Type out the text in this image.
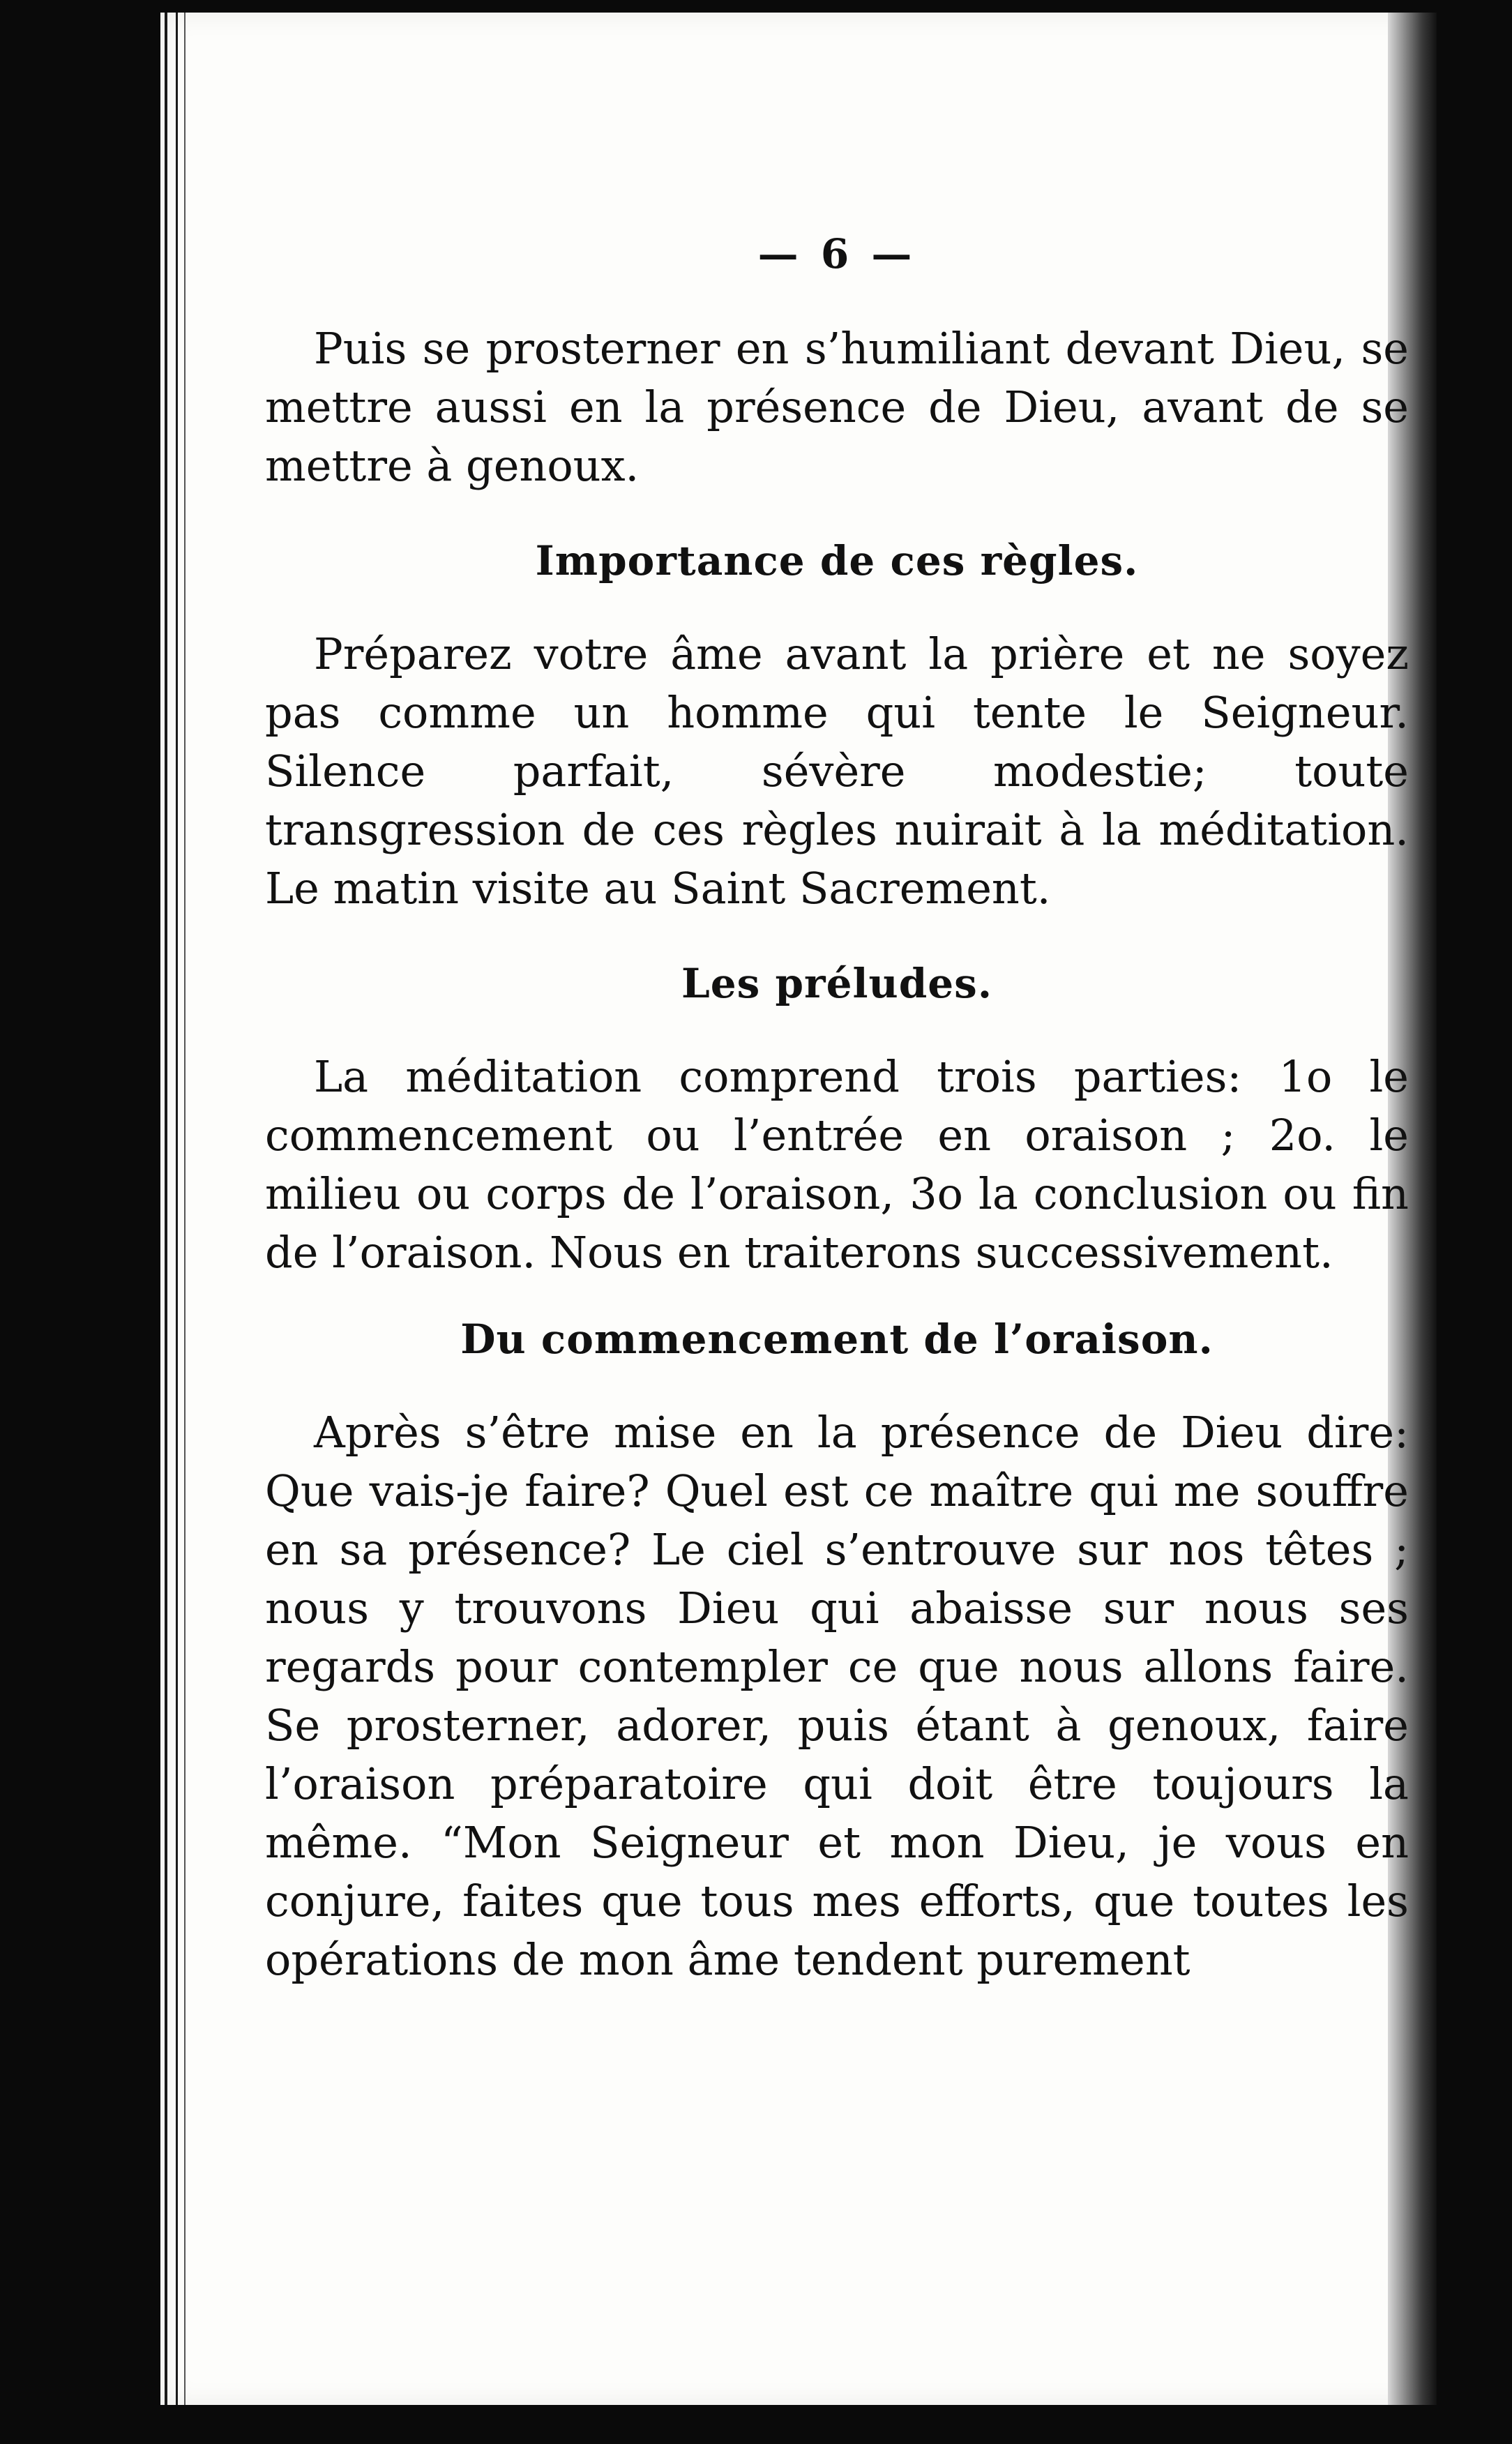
— 6 —

Puis se prosterner en s’humiliant devant Dieu, se mettre aussi en la présence de Dieu, avant de se mettre à genoux.

Importance de ces règles.

Préparez votre âme avant la prière et ne soyez pas comme un homme qui tente le Seigneur. Silence parfait, sévère modestie; toute transgression de ces règles nuirait à la méditation. Le matin visite au Saint Sacrement.

Les préludes.

La méditation comprend trois parties: 1o le commencement ou l’entrée en oraison ; 2o. le milieu ou corps de l’oraison, 3o la conclusion ou fin de l’oraison. Nous en traiterons successivement.

Du commencement de l’oraison.

Après s’être mise en la présence de Dieu dire: Que vais-je faire? Quel est ce maître qui me souffre en sa présence? Le ciel s’entrouve sur nos têtes ; nous y trouvons Dieu qui abaisse sur nous ses regards pour contempler ce que nous allons faire. Se prosterner, adorer, puis étant à genoux, faire l’oraison préparatoire qui doit être toujours la même. “Mon Seigneur et mon Dieu, je vous en conjure, faites que tous mes efforts, que toutes les opérations de mon âme tendent purement
